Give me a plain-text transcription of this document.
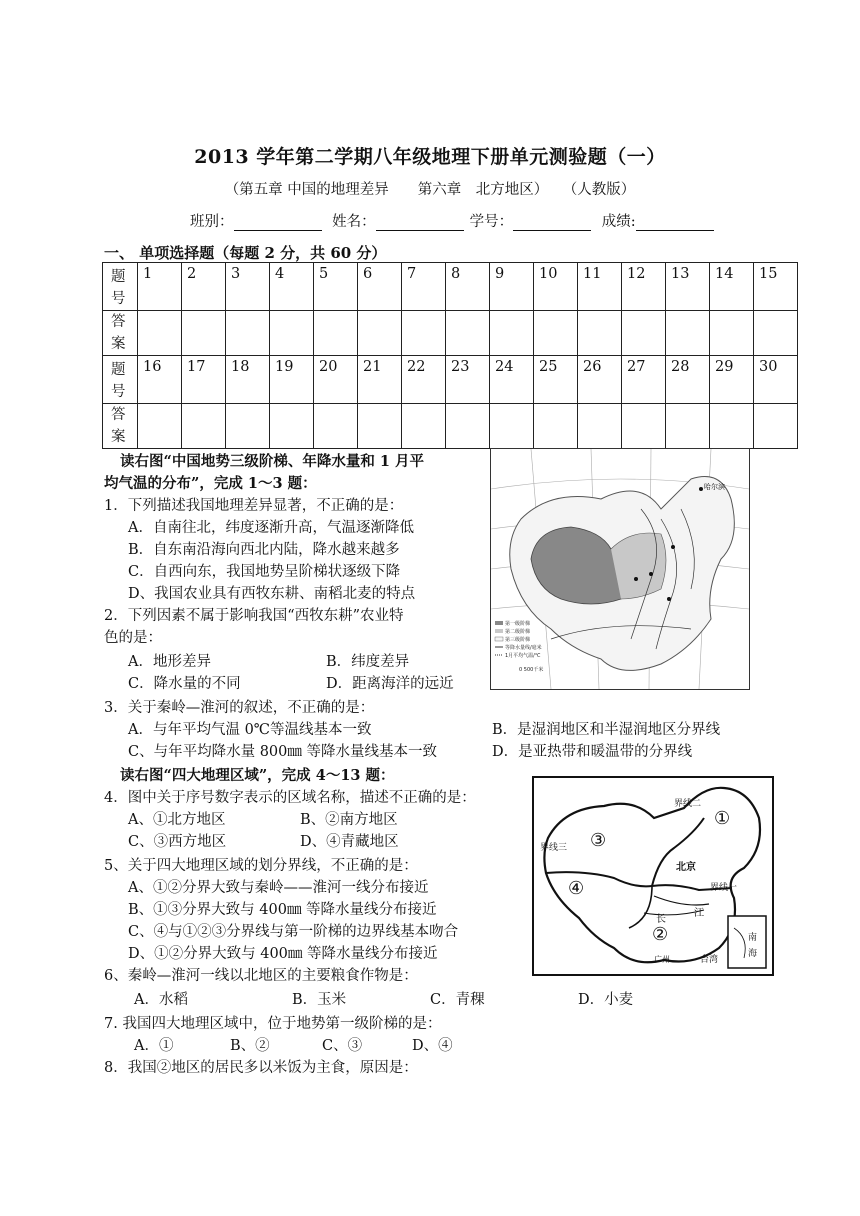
2013 学年第二学期八年级地理下册单元测验题（一）
（第五章 中国的地理差异　　第六章　北方地区）　　（人教版）
班别：	姓名：	学号：	成绩:
一、 单项选择题（每题 2 分，共 60 分）
题
号	1	2	3	4	5	6	7	8	9	10	11	12	13	14	15
答
案															
题
号	16	17	18	19	20	21	22	23	24	25	26	27	28	29	30
答
案															
读右图“中国地势三级阶梯、年降水量和 1 月平
均气温的分布”，完成 1～3 题：
1．下列描述我国地理差异显著，不正确的是：
A．自南往北，纬度逐渐升高，气温逐渐降低
B．自东南沿海向西北内陆，降水越来越多
C．自西向东，我国地势呈阶梯状逐级下降
D、我国农业具有西牧东耕、南稻北麦的特点
2．下列因素不属于影响我国“西牧东耕”农业特
色的是：
A．地形差异	B．纬度差异
C．降水量的不同	D．距离海洋的远近
3．关于秦岭—淮河的叙述，不正确的是：
A．与年平均气温 0℃等温线基本一致	B．是湿润地区和半湿润地区分界线
C、与年平均降水量 800㎜ 等降水量线基本一致	D．是亚热带和暖温带的分界线
读右图“四大地理区域”，完成 4～13 题：
4．图中关于序号数字表示的区域名称，描述不正确的是：
A、①北方地区	B、②南方地区
C、③西方地区	D、④青藏地区
5、关于四大地理区域的划分界线，不正确的是：
A、①②分界大致与秦岭——淮河一线分布接近
B、①③分界大致与 400㎜ 等降水量线分布接近
C、④与①②③分界线与第一阶梯的边界线基本吻合
D、①②分界大致与 400㎜ 等降水量线分布接近
6、秦岭—淮河一线以北地区的主要粮食作物是：
A．水稻	B．玉米	C．青稞	D．小麦
7. 我国四大地理区域中，位于地势第一级阶梯的是：
A．①	B、②	C、③	D、④
8．我国②地区的居民多以米饭为主食，原因是：
哈尔滨
第一级阶梯
第二级阶梯
第三级阶梯
等降水量线/毫米
1月平均气温/℃
0 500千米
界线二
界线三
界线一
北京
长
江
广州	台湾
南
海
①
②
③
④
